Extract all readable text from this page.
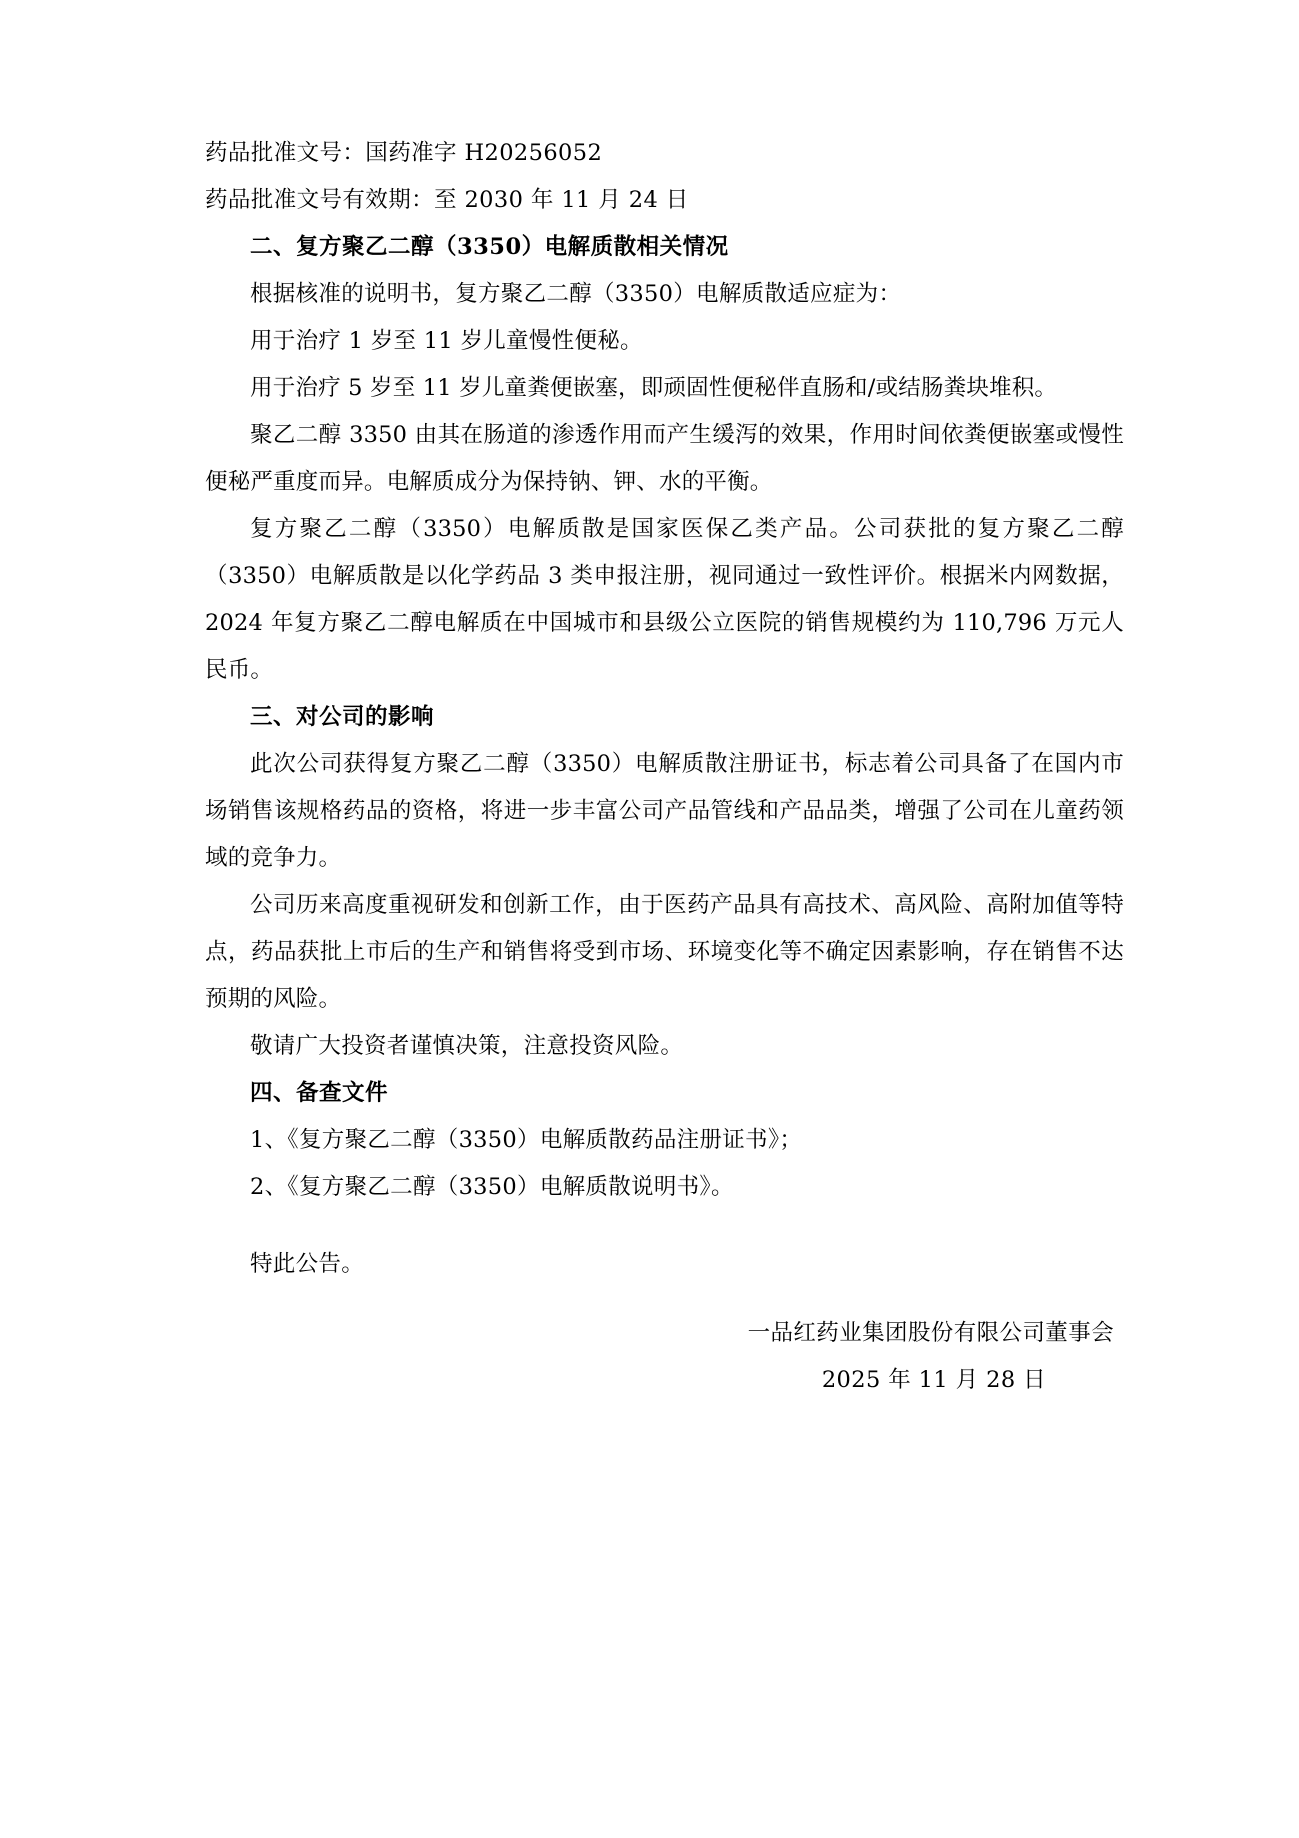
药品批准文号：国药准字 H20256052
药品批准文号有效期：至 2030 年 11 月 24 日
二、复方聚乙二醇（3350）电解质散相关情况
根据核准的说明书，复方聚乙二醇（3350）电解质散适应症为：
用于治疗 1 岁至 11 岁儿童慢性便秘。
用于治疗 5 岁至 11 岁儿童粪便嵌塞，即顽固性便秘伴直肠和/或结肠粪块堆积。
聚乙二醇 3350 由其在肠道的渗透作用而产生缓泻的效果，作用时间依粪便嵌塞或慢性便秘严重度而异。电解质成分为保持钠、钾、水的平衡。
复方聚乙二醇（3350）电解质散是国家医保乙类产品。公司获批的复方聚乙二醇（3350）电解质散是以化学药品 3 类申报注册，视同通过一致性评价。根据米内网数据，2024 年复方聚乙二醇电解质在中国城市和县级公立医院的销售规模约为 110,796 万元人民币。
三、对公司的影响
此次公司获得复方聚乙二醇（3350）电解质散注册证书，标志着公司具备了在国内市场销售该规格药品的资格，将进一步丰富公司产品管线和产品品类，增强了公司在儿童药领域的竞争力。
公司历来高度重视研发和创新工作，由于医药产品具有高技术、高风险、高附加值等特点，药品获批上市后的生产和销售将受到市场、环境变化等不确定因素影响，存在销售不达预期的风险。
敬请广大投资者谨慎决策，注意投资风险。
四、备查文件
1、《复方聚乙二醇（3350）电解质散药品注册证书》；
2、《复方聚乙二醇（3350）电解质散说明书》。
特此公告。
一品红药业集团股份有限公司董事会
2025 年 11 月 28 日
